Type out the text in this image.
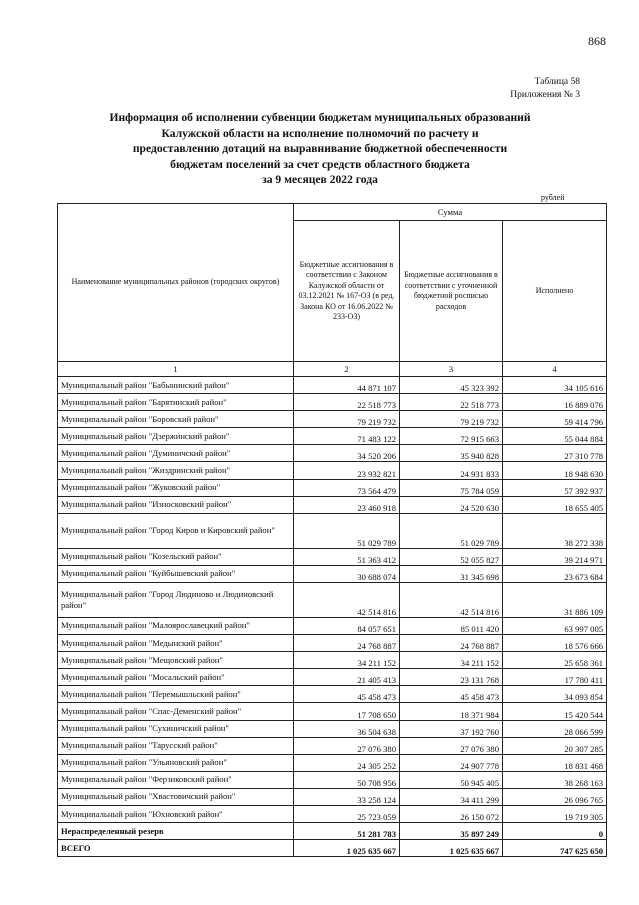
868
Таблица 58
Приложения № 3
Информация об исполнении субвенции бюджетам муниципальных образований
Калужской области на исполнение полномочий по расчету и
предоставлению дотаций на выравнивание бюджетной обеспеченности
бюджетам поселений за счет средств областного бюджета
за 9 месяцев 2022 года
рублей
Наименование муниципальных районов (городских округов)	Сумма		
	Бюджетные ассигнования в соответствии с Законом Калужской области от 03.12.2021 № 167-ОЗ (в ред. Закона КО от 16.06.2022 № 233-ОЗ)	Бюджетные ассигнования в соответствии с уточненной бюджетной росписью расходов	Исполнено
1	2	3	4
Муниципальный район "Бабынинский район"	44 871 107	45 323 392	34 105 616
Муниципальный район "Барятинский район"	22 518 773	22 518 773	16 889 076
Муниципальный район "Боровский район"	79 219 732	79 219 732	59 414 796
Муниципальный район "Дзержинский район"	71 483 122	72 915 663	55 044 884
Муниципальный район "Думиничский район"	34 520 206	35 940 828	27 310 778
Муниципальный район "Жиздринский район"	23 932 821	24 931 833	18 948 630
Муниципальный район "Жуковский район"	73 564 479	75 784 059	57 392 937
Муниципальный район "Износковский район"	23 460 918	24 520 630	18 655 405
Муниципальный район "Город Киров и Кировский район"	51 029 789	51 029 789	38 272 338
Муниципальный район "Козельский район"	51 363 412	52 055 827	39 214 971
Муниципальный район "Куйбышевский район"	30 688 074	31 345 698	23 673 684
Муниципальный район "Город Людиново и Людиновский район"	42 514 816	42 514 816	31 886 109
Муниципальный район "Малоярославецкий район"	84 057 651	85 011 420	63 997 005
Муниципальный район "Медынский район"	24 768 887	24 768 887	18 576 666
Муниципальный район "Мещовский район"	34 211 152	34 211 152	25 658 361
Муниципальный район "Мосальский район"	21 405 413	23 131 768	17 780 411
Муниципальный район "Перемышльский район"	45 458 473	45 458 473	34 093 854
Муниципальный район "Спас-Деменский район"	17 708 650	18 371 984	15 420 544
Муниципальный район "Сухиничский район"	36 504 638	37 192 760	28 066 599
Муниципальный район "Тарусский район"	27 076 380	27 076 380	20 307 285
Муниципальный район "Ульяновский район"	24 305 252	24 907 778	18 831 468
Муниципальный район "Ферзиковский район"	50 708 956	50 945 405	38 268 163
Муниципальный район "Хвастовичский район"	33 258 124	34 411 299	26 096 765
Муниципальный район "Юхновский район"	25 723 059	26 150 072	19 719 305
Нераспределенный резерв	51 281 783	35 897 249	0
ВСЕГО	1 025 635 667	1 025 635 667	747 625 650
